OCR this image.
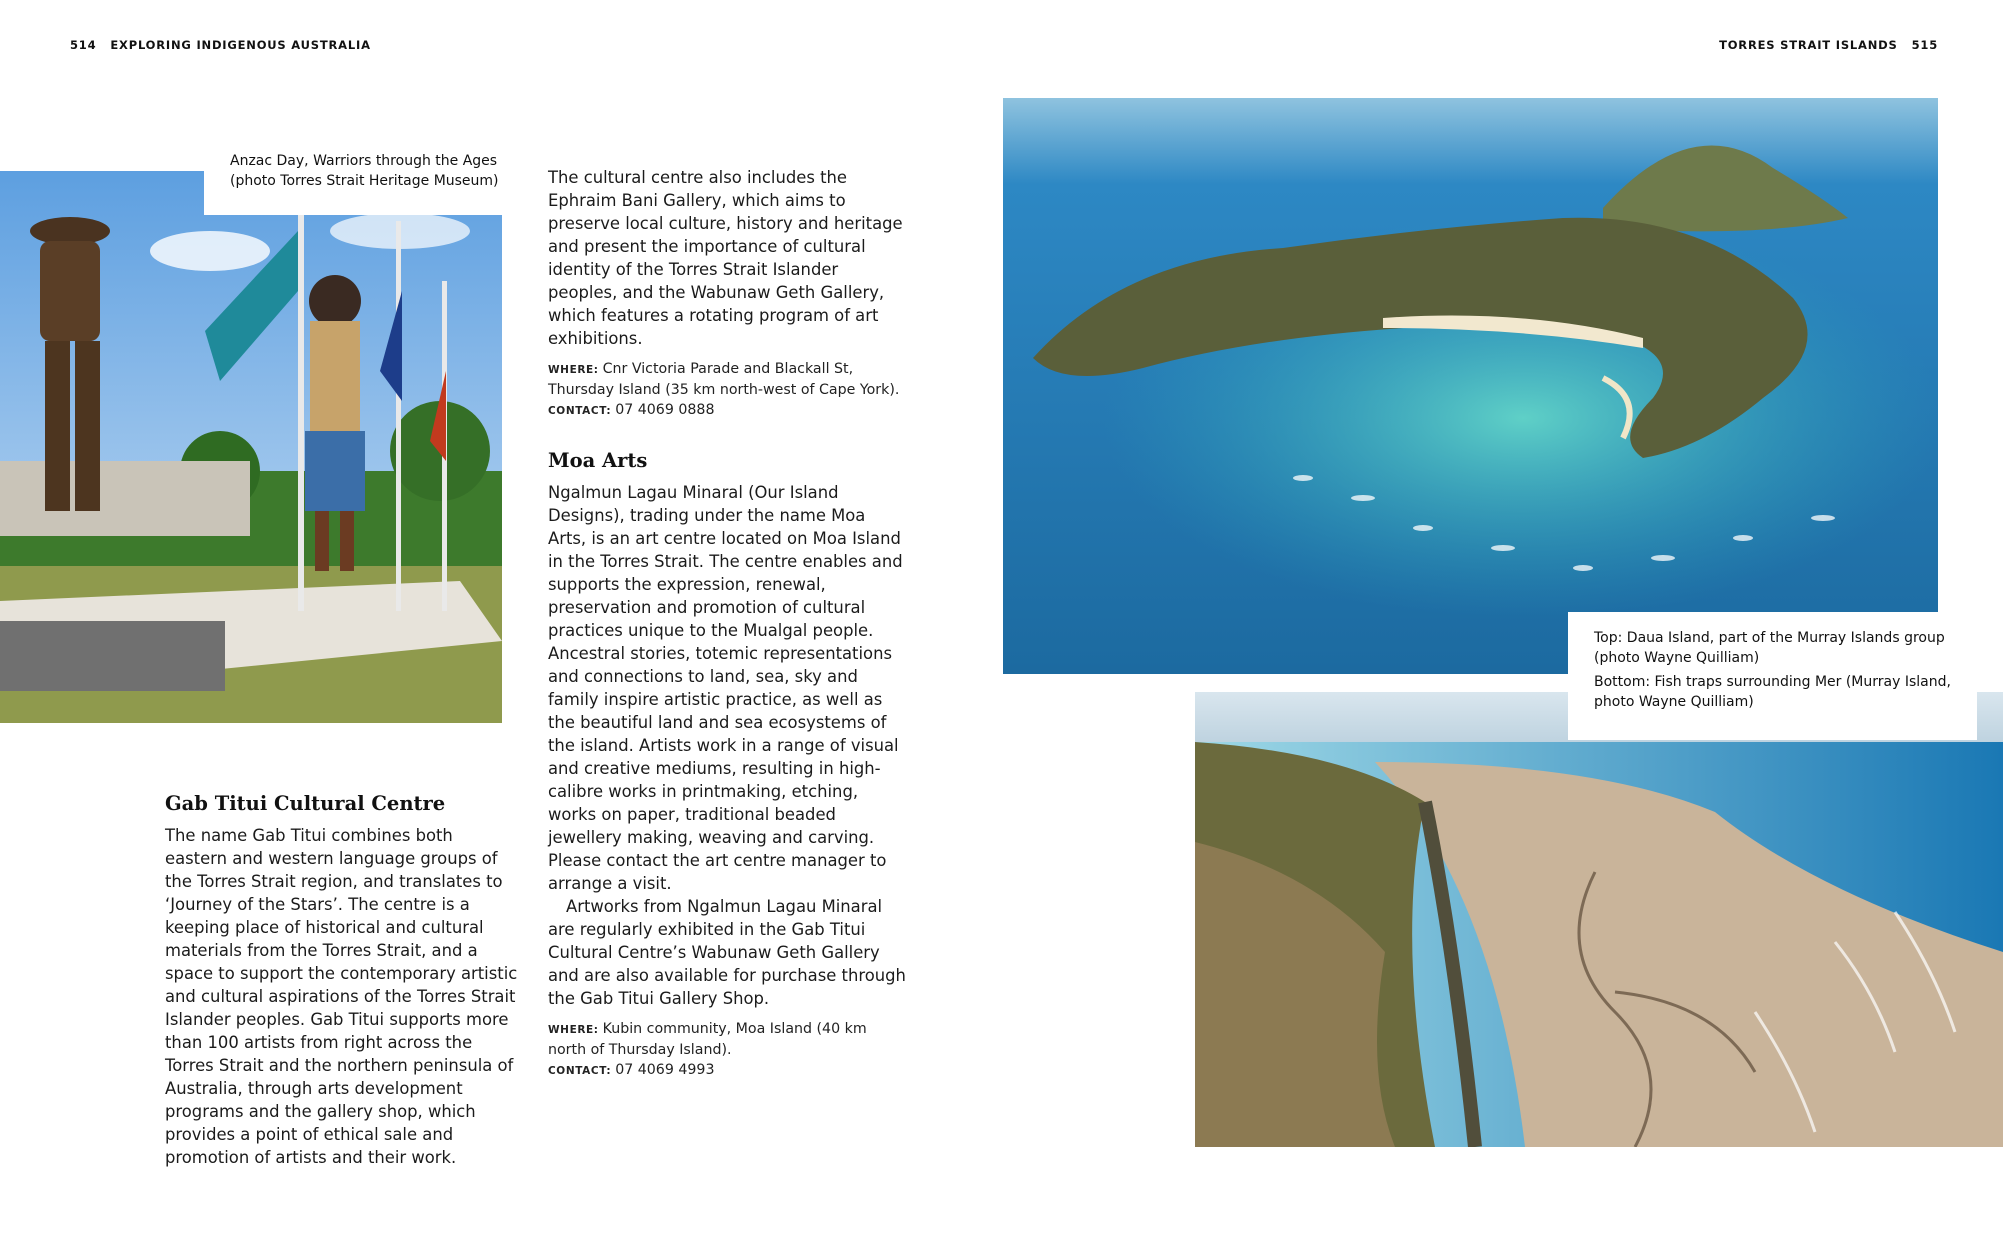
514 EXPLORING INDIGENOUS AUSTRALIA	TORRES STRAIT ISLANDS 515

Anzac Day, Warriors through the Ages

(photo Torres Strait Heritage Museum)

Gab Titui Cultural Centre

The name Gab Titui combines both eastern and western language groups of the Torres Strait region, and translates to ‘Journey of the Stars’. The centre is a keeping place of historical and cultural materials from the Torres Strait, and a space to support the contemporary artistic and cultural aspirations of the Torres Strait Islander peoples. Gab Titui supports more than 100 artists from right across the Torres Strait and the northern peninsula of Australia, through arts development programs and the gallery shop, which provides a point of ethical sale and promotion of artists and their work.

The cultural centre also includes the Ephraim Bani Gallery, which aims to preserve local culture, history and heritage and present the importance of cultural identity of the Torres Strait Islander peoples, and the Wabunaw Geth Gallery, which features a rotating program of art exhibitions.

WHERE: Cnr Victoria Parade and Blackall St, Thursday Island (35 km north-west of Cape York).
CONTACT: 07 4069 0888
Moa Arts

Ngalmun Lagau Minaral (Our Island Designs), trading under the name Moa Arts, is an art centre located on Moa Island in the Torres Strait. The centre enables and supports the expression, renewal, preservation and promotion of cultural practices unique to the Mualgal people. Ancestral stories, totemic representations and connections to land, sea, sky and family inspire artistic practice, as well as the beautiful land and sea ecosystems of the island. Artists work in a range of visual and creative mediums, resulting in high-calibre works in printmaking, etching, works on paper, traditional beaded jewellery making, weaving and carving. Please contact the art centre manager to arrange a visit.

Artworks from Ngalmun Lagau Minaral are regularly exhibited in the Gab Titui Cultural Centre’s Wabunaw Geth Gallery and are also available for purchase through the Gab Titui Gallery Shop.

WHERE: Kubin community, Moa Island (40 km north of Thursday Island).
CONTACT: 07 4069 4993

Top: Daua Island, part of the Murray Islands group (photo Wayne Quilliam)

Bottom: Fish traps surrounding Mer (Murray Island, photo Wayne Quilliam)
